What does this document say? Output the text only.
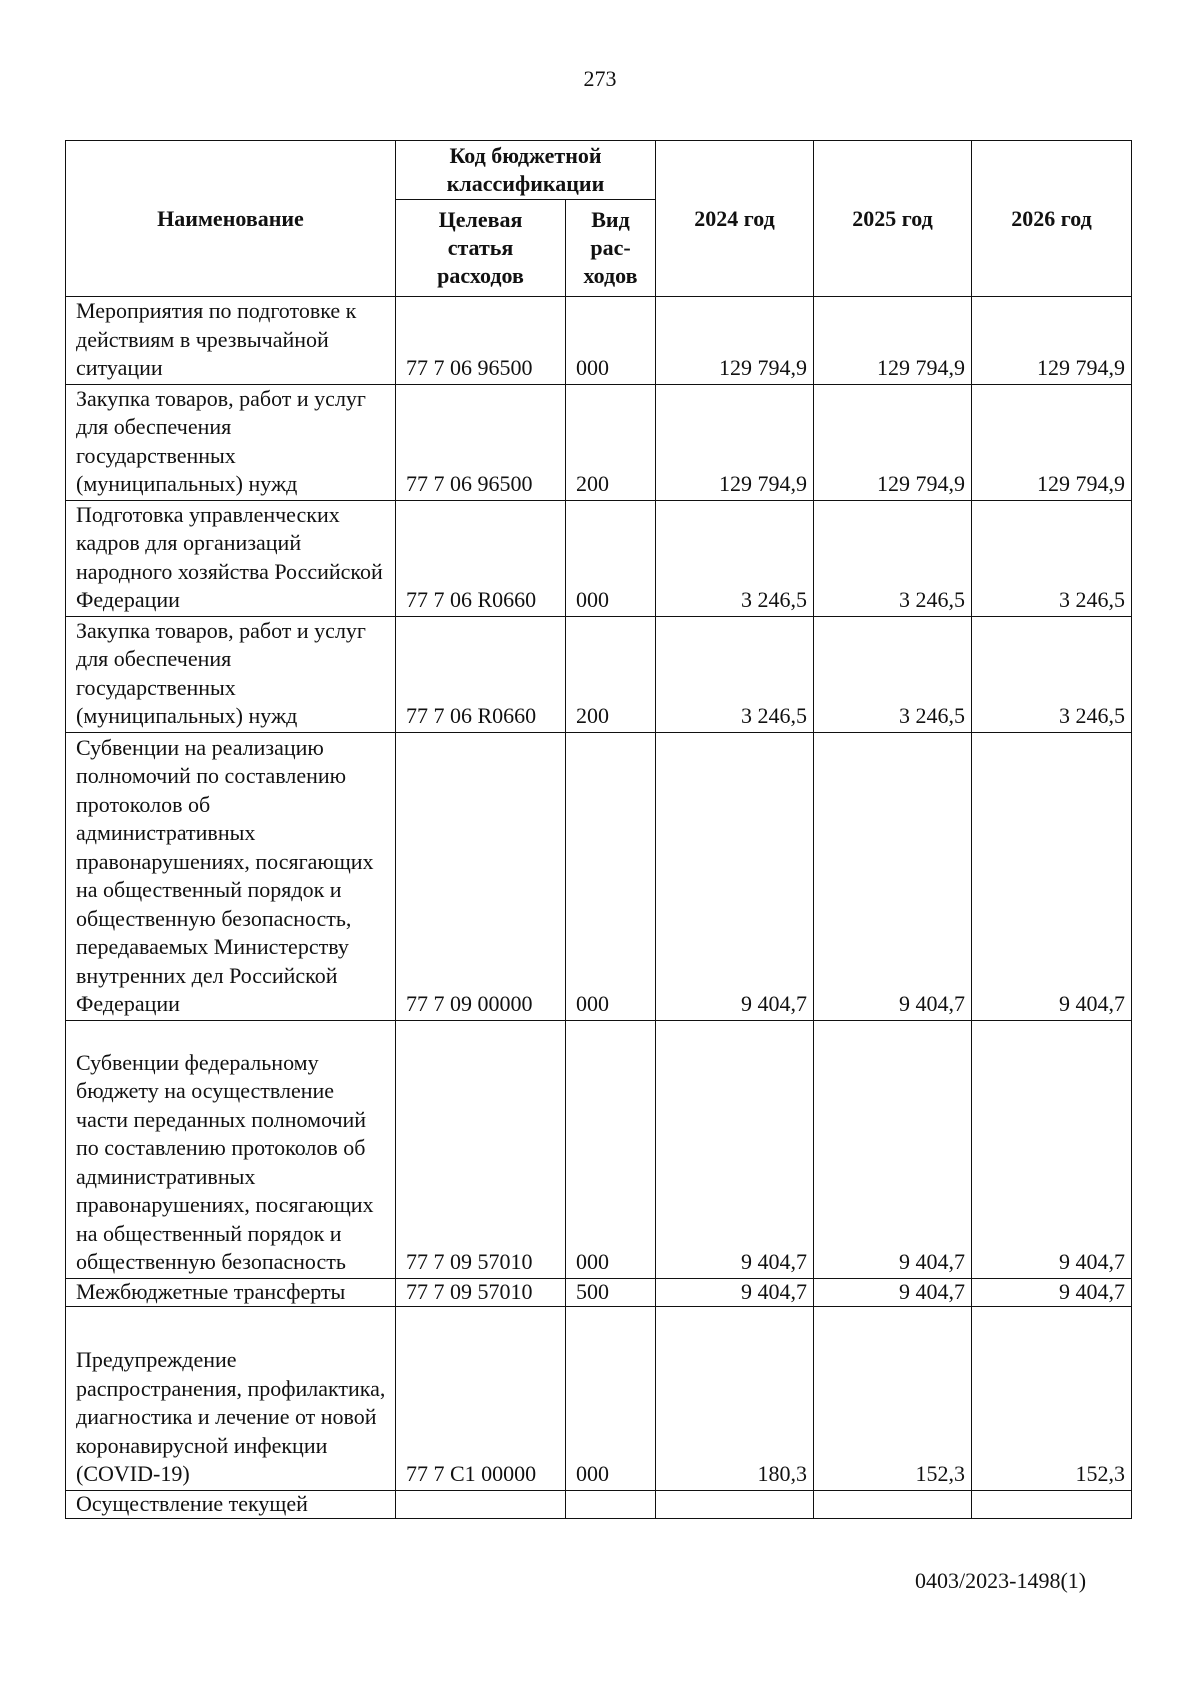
273
Наименование	Код бюджетной классификации		2024 год	2025 год	2026 год
	Целевая статья расходов	Вид рас-ходов			
Мероприятия по подготовке к действиям в чрезвычайной ситуации	77 7 06 96500	000	129 794,9	129 794,9	129 794,9
Закупка товаров, работ и услуг для обеспечения государственных (муниципальных) нужд	77 7 06 96500	200	129 794,9	129 794,9	129 794,9
Подготовка управленческих кадров для организаций народного хозяйства Российской Федерации	77 7 06 R0660	000	3 246,5	3 246,5	3 246,5
Закупка товаров, работ и услуг для обеспечения государственных (муниципальных) нужд	77 7 06 R0660	200	3 246,5	3 246,5	3 246,5
Субвенции на реализацию полномочий по составлению протоколов об административных правонарушениях, посягающих на общественный порядок и общественную безопасность, передаваемых Министерству внутренних дел Российской Федерации	77 7 09 00000	000	9 404,7	9 404,7	9 404,7
Субвенции федеральному бюджету на осуществление части переданных полномочий по составлению протоколов об административных правонарушениях, посягающих на общественный порядок и общественную безопасность	77 7 09 57010	000	9 404,7	9 404,7	9 404,7
Межбюджетные трансферты	77 7 09 57010	500	9 404,7	9 404,7	9 404,7
Предупреждение распространения, профилактика, диагностика и лечение от новой коронавирусной инфекции (COVID-19)	77 7 C1 00000	000	180,3	152,3	152,3
Осуществление текущей					
0403/2023-1498(1)
